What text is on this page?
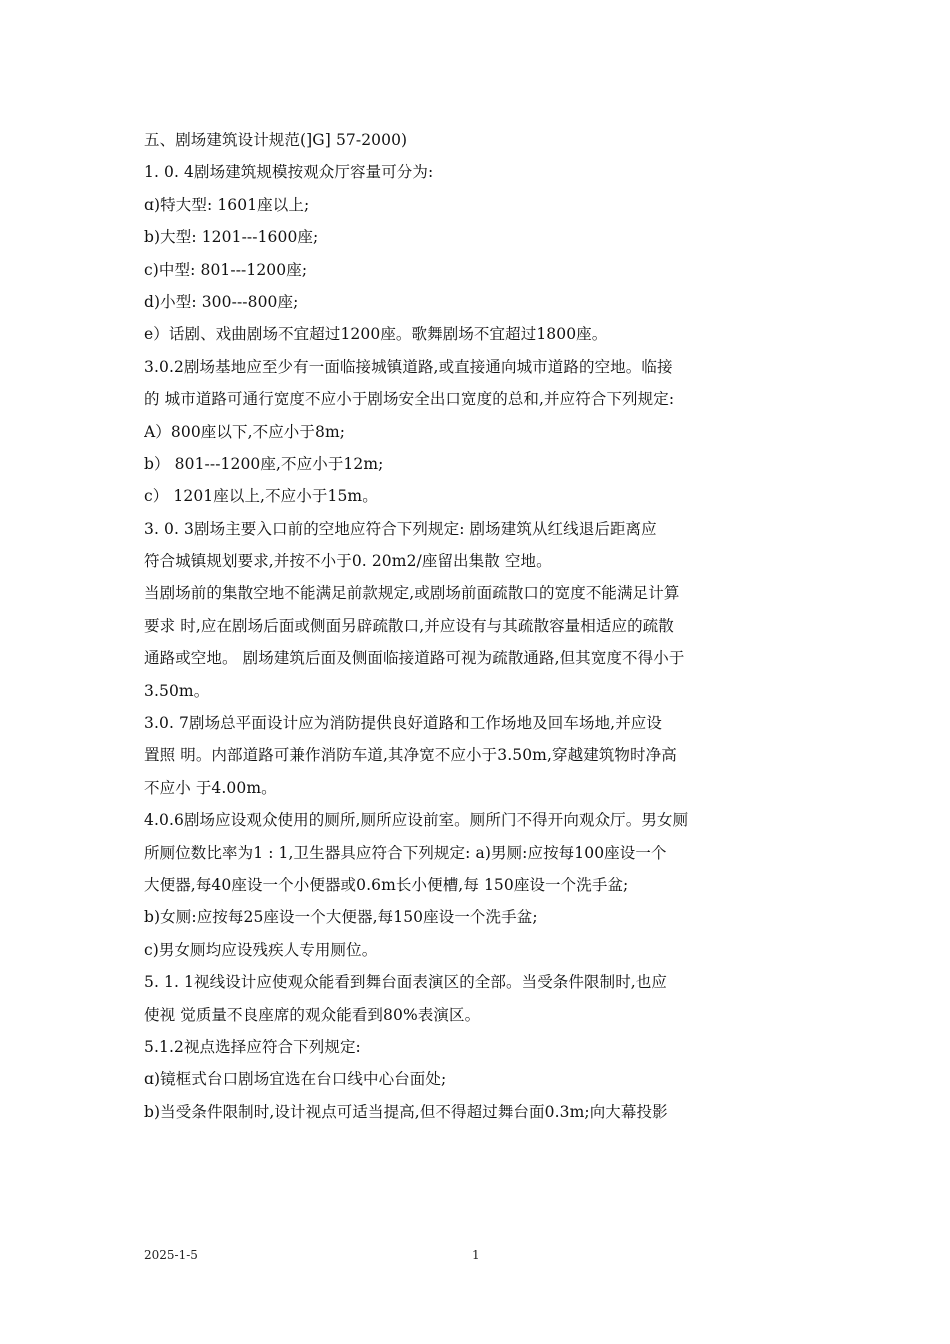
五、剧场建筑设计规范(]G] 57-2000)
1. 0. 4剧场建筑规模按观众厅容量可分为:
ɑ)特大型: 1601座以上;
b)大型: 1201---1600座;
c)中型: 801---1200座;
d)小型: 300---800座;
e）话剧、戏曲剧场不宜超过1200座。歌舞剧场不宜超过1800座。
3.0.2剧场基地应至少有一面临接城镇道路,或直接通向城市道路的空地。临接
的 城市道路可通行宽度不应小于剧场安全出口宽度的总和,并应符合下列规定:
A）800座以下,不应小于8m;
b） 801---1200座,不应小于12m;
c） 1201座以上,不应小于15m。
3. 0. 3剧场主要入口前的空地应符合下列规定: 剧场建筑从红线退后距离应
符合城镇规划要求,并按不小于0. 20m2/座留出集散 空地。
当剧场前的集散空地不能满足前款规定,或剧场前面疏散口的宽度不能满足计算
要求 时,应在剧场后面或侧面另辟疏散口,并应设有与其疏散容量相适应的疏散
通路或空地。 剧场建筑后面及侧面临接道路可视为疏散通路,但其宽度不得小于
3.50m。
3.0. 7剧场总平面设计应为消防提供良好道路和工作场地及回车场地,并应设
置照 明。内部道路可兼作消防车道,其净宽不应小于3.50m,穿越建筑物时净高
不应小 于4.00m。
4.0.6剧场应设观众使用的厕所,厕所应设前室。厕所门不得开向观众厅。男女厕
所厕位数比率为1 : 1,卫生器具应符合下列规定: a)男厕:应按每100座设一个
大便器,每40座设一个小便器或0.6m长小便槽,每 150座设一个洗手盆;
b)女厕:应按每25座设一个大便器,每150座设一个洗手盆;
c)男女厕均应设残疾人专用厕位。
5. 1. 1视线设计应使观众能看到舞台面表演区的全部。当受条件限制时,也应
使视 觉质量不良座席的观众能看到80%表演区。
5.1.2视点选择应符合下列规定:
ɑ)镜框式台口剧场宜选在台口线中心台面处;
b)当受条件限制时,设计视点可适当提高,但不得超过舞台面0.3m;向大幕投影
2025-1-5	1
